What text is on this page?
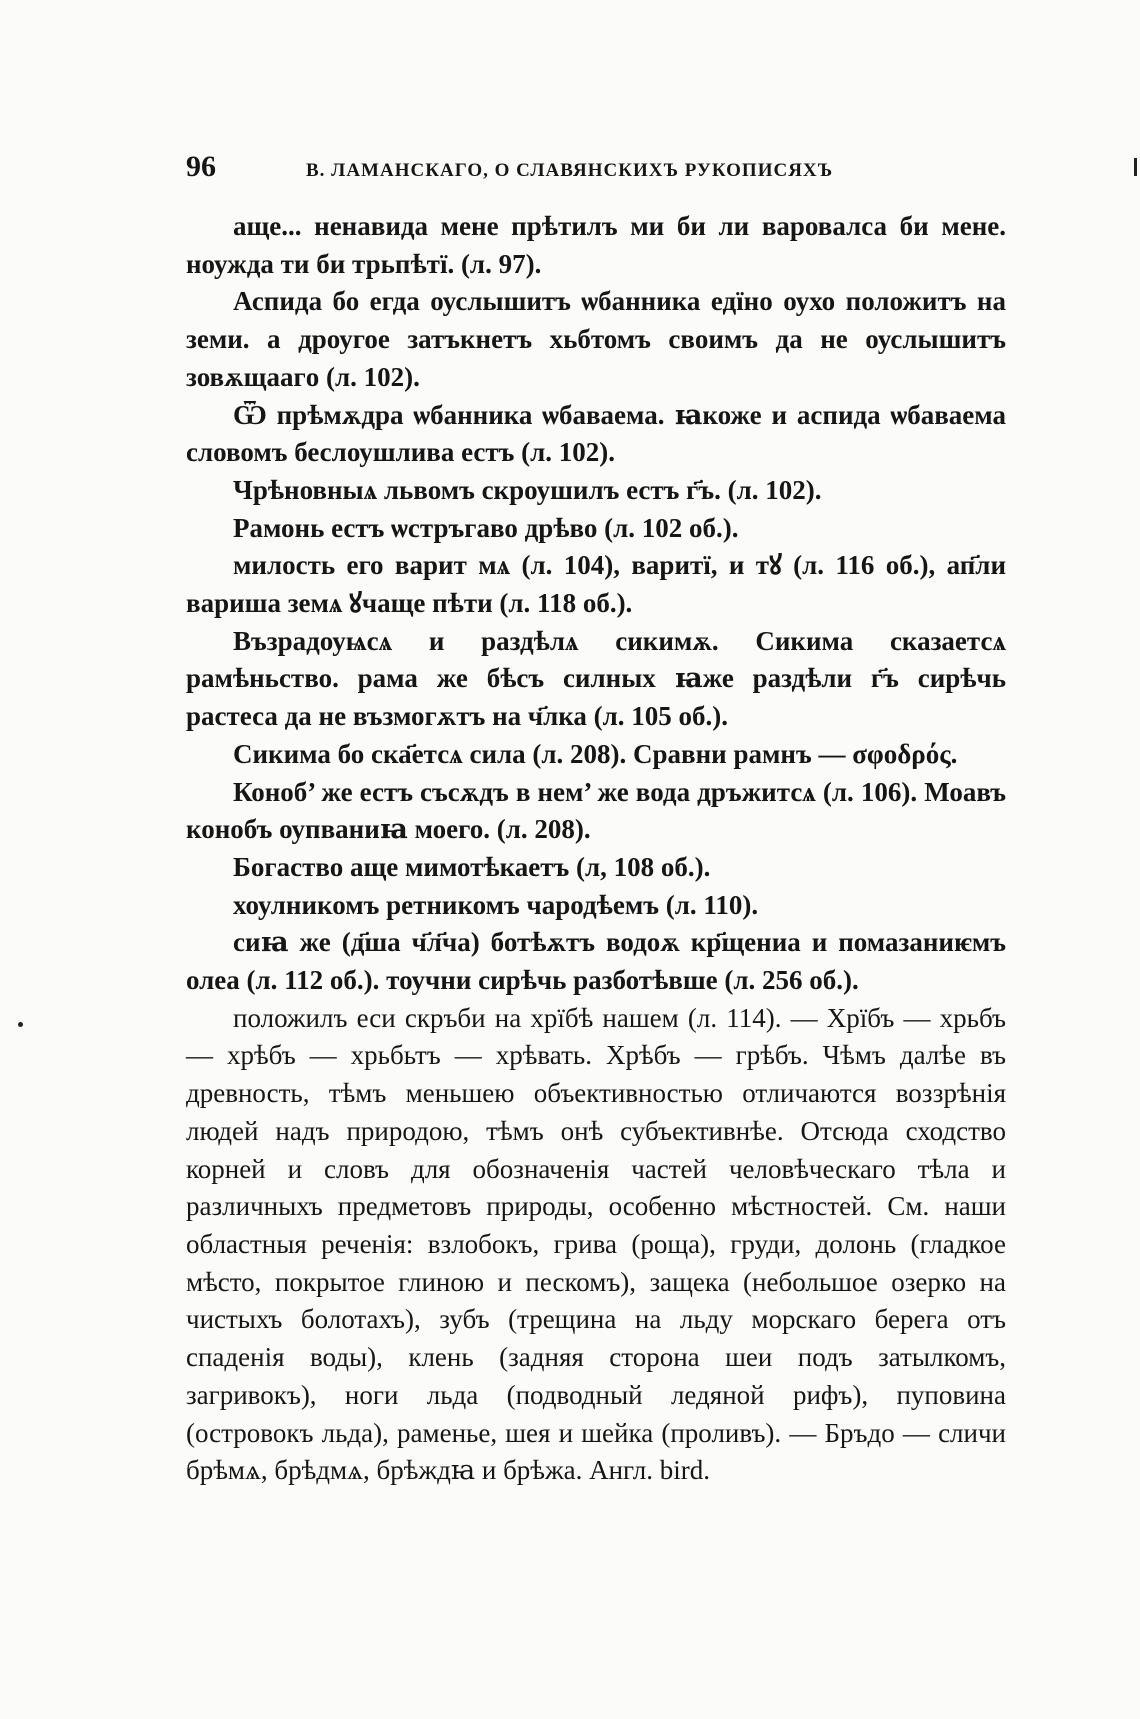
96	В. ЛАМАНСКАГО, О СЛАВЯНСКИХЪ РУКОПИСЯХЪ

аще... ненавида мене прѣтилъ ми би ли варовалса би мене. ноужда ти би трьпѣтї. (л. 97).

Аспида бо егда оуслышитъ ѡбанника едїно оухо положитъ на земи. а дроугое затъкнетъ хьбтомъ своимъ да не оуслышитъ зовѫщаагo (л. 102).

Ѿ прѣмѫдра ѡбанника ѡбаваема. ꙗкоже и аспида ѡбаваема словомъ беслоушлива естъ (л. 102).

Чрѣновныѧ львомъ скроушилъ естъ г҃ъ. (л. 102).

Рамонь естъ ѡстръгаво дрѣво (л. 102 об.).

милость его варит мѧ (л. 104), варитї, и тꙋ (л. 116 об.), ап҃ли вариша земѧ ꙋчаще пѣти (л. 118 об.).

Възрадоуѩсѧ и раздѣлѧ сикимѫ. Сикима сказаетсѧ рамѣньство. рама же бѣсъ силных ꙗже раздѣли г҃ъ сирѣчь растеса да не възмогѫтъ на ч҃лка (л. 105 об.).

Сикима бо ска҃етсѧ сила (л. 208). Сравни рамнъ — σφοδρός.

Коноб’ же естъ съсѫдъ в нем’ же вода дръжитсѧ (л. 106). Моавъ конобъ оупваниꙗ моего. (л. 208).

Богаство аще мимотѣкаетъ (л, 108 об.).

хоулникомъ ретникомъ чародѣемъ (л. 110).

сиꙗ же (д҃ша ч҃л҃ча) ботѣѫтъ водоѫ кр҃щениа и помазаниѥмъ олеа (л. 112 об.). тоучни сирѣчь разботѣвше (л. 256 об.).

положилъ еси скръби на хрїбѣ нашем (л. 114). — Хрїбъ — хрьбъ — хрѣбъ — хрьбьтъ — хрѣвать. Хрѣбъ — грѣбъ. Чѣмъ далѣе въ древность, тѣмъ меньшею объективностью отличаются воззрѣнія людей надъ природою, тѣмъ онѣ субъективнѣе. Отсюда сходство корней и словъ для обозначенія частей человѣческаго тѣла и различныхъ предметовъ природы, особенно мѣстностей. См. наши областныя реченія: взлобокъ, грива (роща), груди, долонь (гладкое мѣсто, покрытое глиною и пескомъ), защека (небольшое озерко на чистыхъ болотахъ), зубъ (трещина на льду морскаго берега отъ спаденія воды), клень (задняя сторона шеи подъ затылкомъ, загривокъ), ноги льда (подводный ледяной рифъ), пуповина (островокъ льда), раменье, шея и шейка (проливъ). — Бръдо — сличи брѣмѧ, брѣдмѧ, брѣждꙗ и брѣжа. Англ. bird.
